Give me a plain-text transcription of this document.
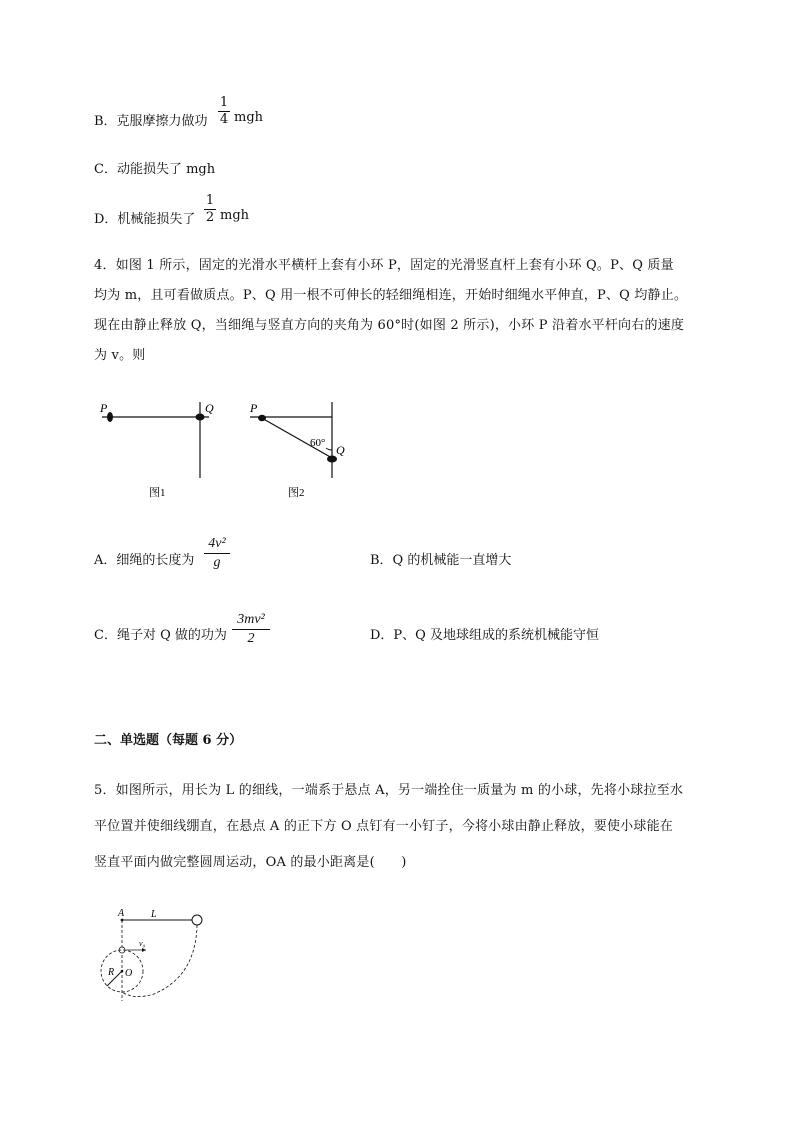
B．克服摩擦力做功
1
4 mgh
C．动能损失了 mgh
D．机械能损失了
1
2 mgh
4．如图 1 所示，固定的光滑水平横杆上套有小环 P，固定的光滑竖直杆上套有小环 Q。P、Q 质量
均为 m，且可看做质点。P、Q 用一根不可伸长的轻细绳相连，开始时细绳水平伸直，P、Q 均静止。
现在由静止释放 Q，当细绳与竖直方向的夹角为 60°时(如图 2 所示)，小环 P 沿着水平杆向右的速度
为 v。则
P	Q
图1
P
60° Q
图2
A．细绳的长度为
4v²
g	B．Q 的机械能一直增大
C．绳子对 Q 做的功为
3mv²
2	D．P、Q 及地球组成的系统机械能守恒
二、单选题（每题 6 分）
5．如图所示，用长为 L 的细线，一端系于悬点 A，另一端拴住一质量为 m 的小球，先将小球拉至水
平位置并使细线绷直，在悬点 A 的正下方 O 点钉有一小钉子，今将小球由静止释放，要使小球能在
竖直平面内做完整圆周运动，OA 的最小距离是(　　)
A	L
v₀
R O
